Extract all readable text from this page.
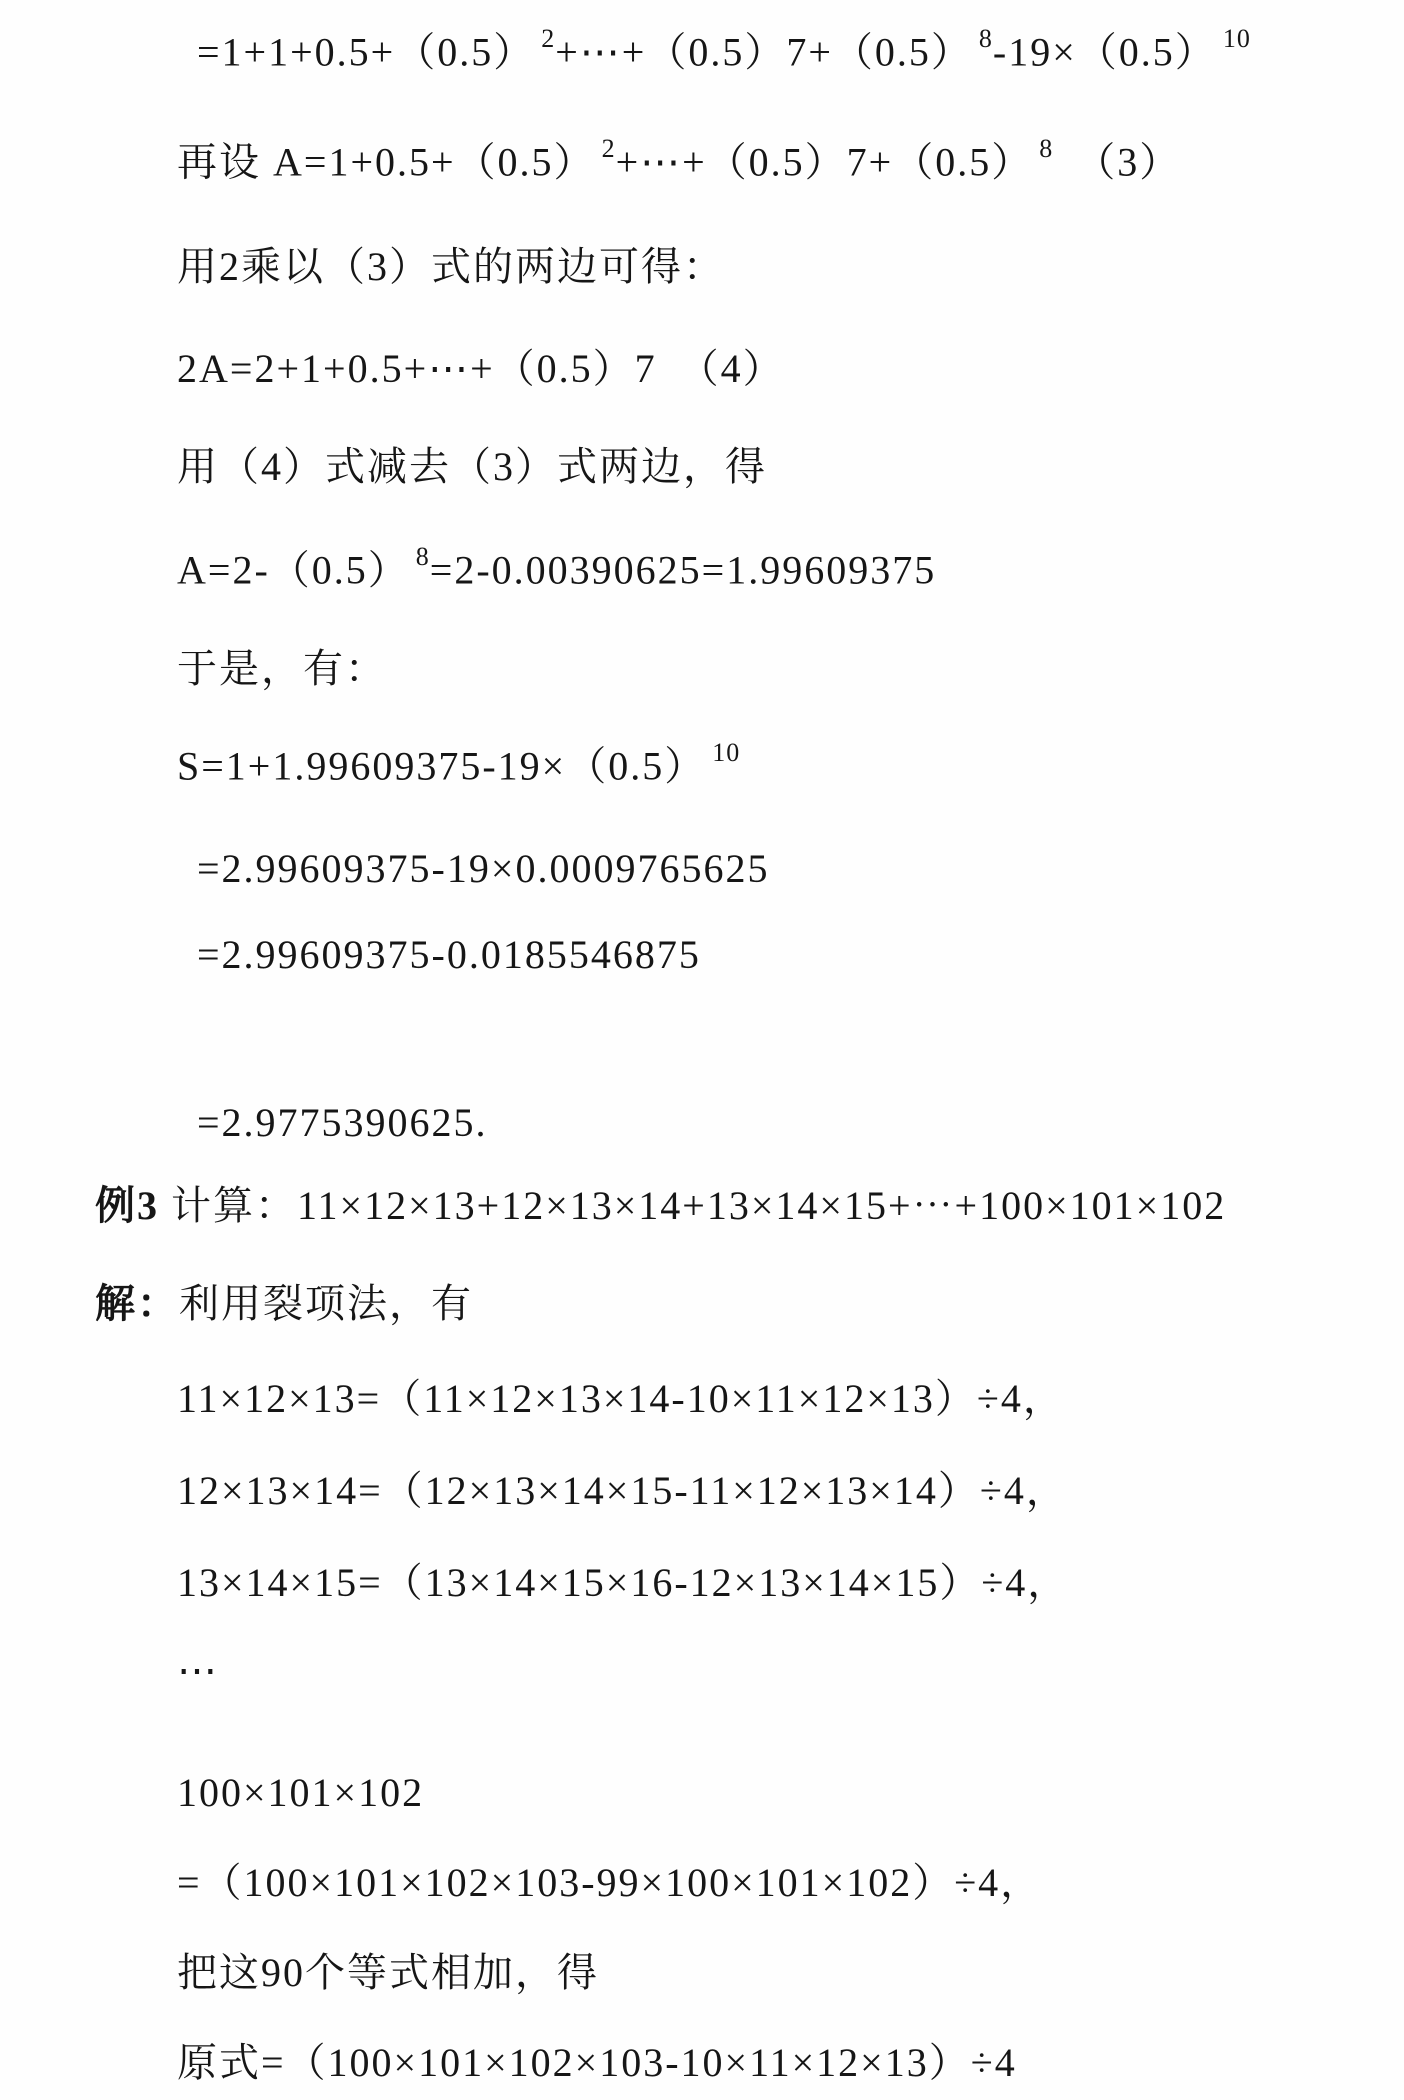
=1+1+0.5+（0.5） $^2$+⋯+（0.5）7+（0.5） $^8$-19×（0.5） $^{10}$
再设 A=1+0.5+（0.5） $^2$+⋯+（0.5）7+（0.5） $^8$　（3）
用2乘以（3）式的两边可得：
2A=2+1+0.5+⋯+（0.5）7　（4）
用（4）式减去（3）式两边，得
A=2-（0.5） $^8$=2-0.00390625=1.99609375
于是，有：
S=1+1.99609375-19×（0.5） $^{10}$
=2.99609375-19×0.0009765625
=2.99609375-0.0185546875
=2.9775390625.
例3 计算：11×12×13+12×13×14+13×14×15+⋯+100×101×102
解：利用裂项法，有
11×12×13=（11×12×13×14-10×11×12×13）÷4，
12×13×14=（12×13×14×15-11×12×13×14）÷4，
13×14×15=（13×14×15×16-12×13×14×15）÷4，
⋯
100×101×102
=（100×101×102×103-99×100×101×102）÷4，
把这90个等式相加，得
原式=（100×101×102×103-10×11×12×13）÷4
